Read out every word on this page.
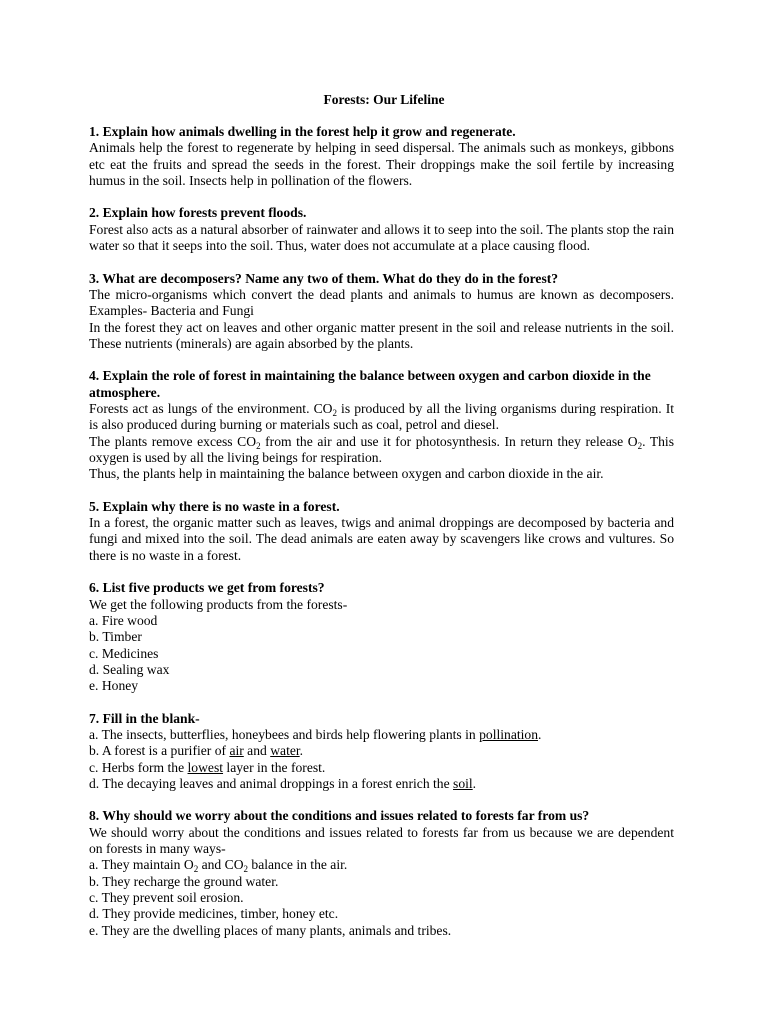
Forests: Our Lifeline

1. Explain how animals dwelling in the forest help it grow and regenerate.

Animals help the forest to regenerate by helping in seed dispersal. The animals such as monkeys, gibbons etc eat the fruits and spread the seeds in the forest. Their droppings make the soil fertile by increasing humus in the soil. Insects help in pollination of the flowers.

2. Explain how forests prevent floods.

Forest also acts as a natural absorber of rainwater and allows it to seep into the soil. The plants stop the rain water so that it seeps into the soil. Thus, water does not accumulate at a place causing flood.

3. What are decomposers? Name any two of them. What do they do in the forest?

The micro-organisms which convert the dead plants and animals to humus are known as decomposers. Examples- Bacteria and Fungi

In the forest they act on leaves and other organic matter present in the soil and release nutrients in the soil. These nutrients (minerals) are again absorbed by the plants.

4. Explain the role of forest in maintaining the balance between oxygen and carbon dioxide in the atmosphere.

Forests act as lungs of the environment. $CO_2$ is produced by all the living organisms during respiration. It is also produced during burning or materials such as coal, petrol and diesel.

The plants remove excess $CO_2$ from the air and use it for photosynthesis. In return they release $O_2$. This oxygen is used by all the living beings for respiration.

Thus, the plants help in maintaining the balance between oxygen and carbon dioxide in the air.

5. Explain why there is no waste in a forest.

In a forest, the organic matter such as leaves, twigs and animal droppings are decomposed by bacteria and fungi and mixed into the soil. The dead animals are eaten away by scavengers like crows and vultures. So there is no waste in a forest.

6. List five products we get from forests?

We get the following products from the forests-

a. Fire wood

b. Timber

c. Medicines

d. Sealing wax

e. Honey

7. Fill in the blank-

a. The insects, butterflies, honeybees and birds help flowering plants in pollination.

b. A forest is a purifier of air and water.

c. Herbs form the lowest layer in the forest.

d. The decaying leaves and animal droppings in a forest enrich the soil.

8. Why should we worry about the conditions and issues related to forests far from us?

We should worry about the conditions and issues related to forests far from us because we are dependent on forests in many ways-

a. They maintain $O_2$ and $CO_2$ balance in the air.

b. They recharge the ground water.

c. They prevent soil erosion.

d. They provide medicines, timber, honey etc.

e. They are the dwelling places of many plants, animals and tribes.
